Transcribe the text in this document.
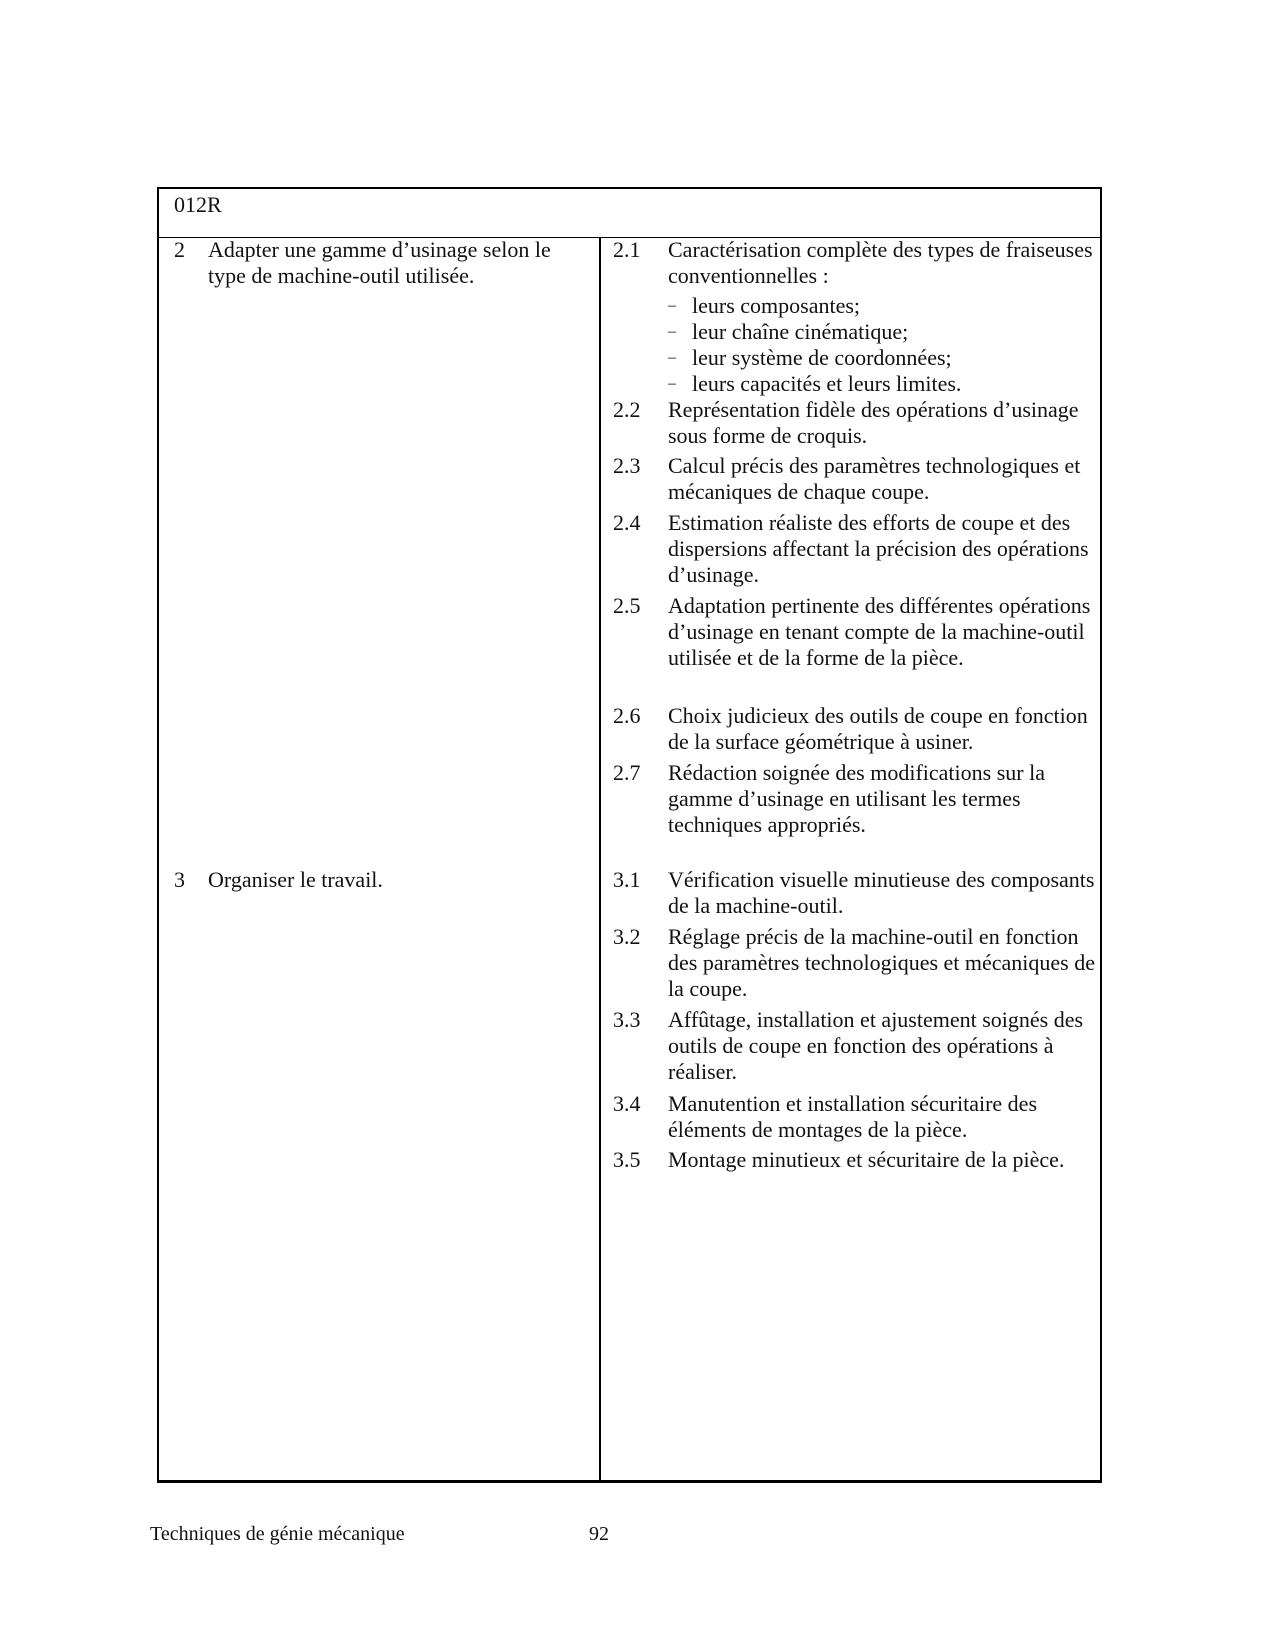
012R
2 Adapter une gamme d’usinage selon le type de machine-outil utilisée.
2.1 Caractérisation complète des types de fraiseuses conventionnelles :
– leurs composantes;
– leur chaîne cinématique;
– leur système de coordonnées;
– leurs capacités et leurs limites.
2.2 Représentation fidèle des opérations d’usinage sous forme de croquis.
2.3 Calcul précis des paramètres technologiques et mécaniques de chaque coupe.
2.4 Estimation réaliste des efforts de coupe et des dispersions affectant la précision des opérations d’usinage.
2.5 Adaptation pertinente des différentes opérations d’usinage en tenant compte de la machine-outil utilisée et de la forme de la pièce.
2.6 Choix judicieux des outils de coupe en fonction de la surface géométrique à usiner.
2.7 Rédaction soignée des modifications sur la gamme d’usinage en utilisant les termes techniques appropriés.
3 Organiser le travail.	3.1 Vérification visuelle minutieuse des composants de la machine-outil.
3.2 Réglage précis de la machine-outil en fonction des paramètres technologiques et mécaniques de la coupe.
3.3 Affûtage, installation et ajustement soignés des outils de coupe en fonction des opérations à réaliser.
3.4 Manutention et installation sécuritaire des éléments de montages de la pièce.
3.5 Montage minutieux et sécuritaire de la pièce.
Techniques de génie mécanique	92
